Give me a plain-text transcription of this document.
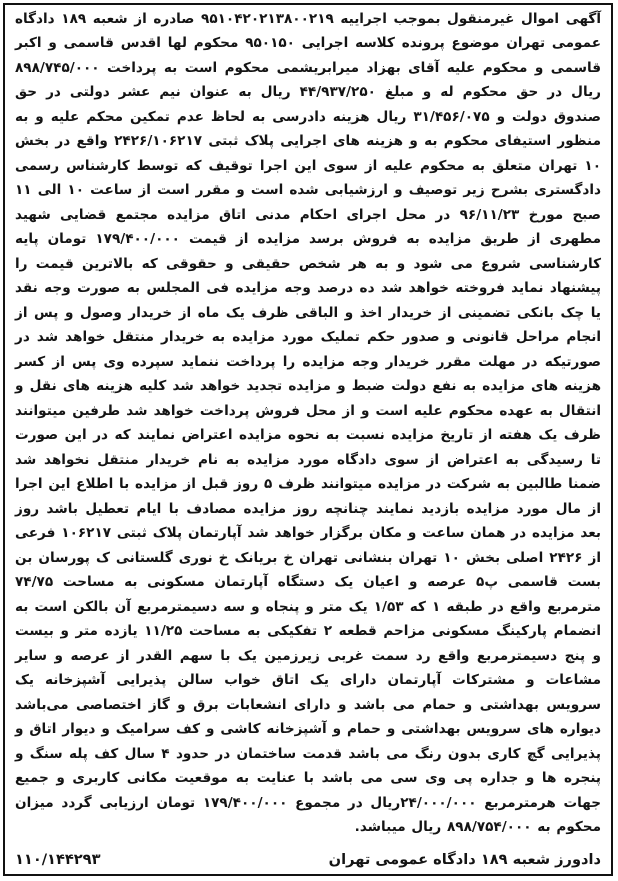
آگهی اموال غیرمنقول بموجب اجراییه ۹۵۱۰۴۲۰۲۱۳۸۰۰۲۱۹ صادره از شعبه ۱۸۹ دادگاه عمومی تهران موضوع پرونده کلاسه اجرایی ۹۵۰۱۵۰ محکوم لها اقدس قاسمی و اکبر قاسمی و محکوم علیه آقای بهزاد میرابریشمی محکوم است به پرداخت ۸۹۸/۷۴۵/۰۰۰ ریال در حق محکوم له و مبلغ ۴۴/۹۳۷/۲۵۰ ریال به عنوان نیم عشر دولتی در حق صندوق دولت و ۳۱/۴۵۶/۰۷۵ ریال هزینه دادرسی به لحاظ عدم تمکین محکم علیه و به منظور استیفای محکوم به و هزینه های اجرایی پلاک ثبتی ۲۴۲۶/۱۰۶۲۱۷ واقع در بخش ۱۰ تهران متعلق به محکوم علیه از سوی این اجرا توقیف که توسط کارشناس رسمی دادگستری بشرح زیر توصیف و ارزشیابی شده است و مقرر است از ساعت ۱۰ الی ۱۱ صبح مورخ ۹۶/۱۱/۲۳ در محل اجرای احکام مدنی اتاق مزایده مجتمع قضایی شهید مطهری از طریق مزایده به فروش برسد مزایده از قیمت ۱۷۹/۴۰۰/۰۰۰ تومان پایه کارشناسی شروع می شود و به هر شخص حقیقی و حقوقی که بالاترین قیمت را پیشنهاد نماید فروخته خواهد شد ده درصد وجه مزایده فی المجلس به صورت وجه نقد یا چک بانکی تضمینی از خریدار اخذ و الباقی ظرف یک ماه از خریدار وصول و پس از انجام مراحل قانونی و صدور حکم تملیک مورد مزایده به خریدار منتقل خواهد شد در صورتیکه در مهلت مقرر خریدار وجه مزایده را پرداخت ننماید سپرده وی پس از کسر هزینه های مزایده به نفع دولت ضبط و مزایده تجدید خواهد شد کلیه هزینه های نقل و انتقال به عهده محکوم علیه است و از محل فروش پرداخت خواهد شد طرفین میتوانند ظرف یک هفته از تاریخ مزایده نسبت به نحوه مزایده اعتراض نمایند که در این صورت تا رسیدگی به اعتراض از سوی دادگاه مورد مزایده به نام خریدار منتقل نخواهد شد ضمنا طالبین به شرکت در مزایده میتوانند ظرف ۵ روز قبل از مزایده با اطلاع این اجرا از مال مورد مزایده بازدید نمایند چنانچه روز مزایده مصادف با ایام تعطیل باشد روز بعد مزایده در همان ساعت و مکان برگزار خواهد شد آپارتمان پلاک ثبتی ۱۰۶۲۱۷ فرعی از ۲۴۲۶ اصلی بخش ۱۰ تهران بنشانی تهران خ بریانک خ نوری گلستانی ک پورسان بن بست قاسمی پ۵ عرصه و اعیان یک دستگاه آپارتمان مسکونی به مساحت ۷۴/۷۵ مترمربع واقع در طبقه ۱ که ۱/۵۳ یک متر و پنجاه و سه دسیمترمربع آن بالکن است به انضمام پارکینگ مسکونی مزاحم قطعه ۲ تفکیکی به مساحت ۱۱/۲۵ یازده متر و بیست و پنج دسیمترمربع واقع رد سمت غربی زیرزمین یک با سهم القدر از عرصه و سایر مشاعات و مشترکات آپارتمان دارای یک اتاق خواب سالن پذیرایی آشپزخانه یک سرویس بهداشتی و حمام می باشد و دارای انشعابات برق و گاز اختصاصی می‌باشد دیواره های سرویس بهداشتی و حمام و آشپزخانه کاشی و کف سرامیک و دیوار اتاق و پذیرایی گچ کاری بدون رنگ می باشد قدمت ساختمان در حدود ۴ سال کف پله سنگ و پنجره ها و جداره پی وی سی می باشد با عنایت به موقعیت مکانی کاربری و جمیع جهات هرمترمربع ۲۴/۰۰۰/۰۰۰ریال در مجموع ۱۷۹/۴۰۰/۰۰۰ تومان ارزیابی گردد میزان محکوم به ۸۹۸/۷۵۴/۰۰۰ ریال میباشد.
دادورز شعبه ۱۸۹ دادگاه عمومی تهران
۱۱۰/۱۴۴۲۹۳
